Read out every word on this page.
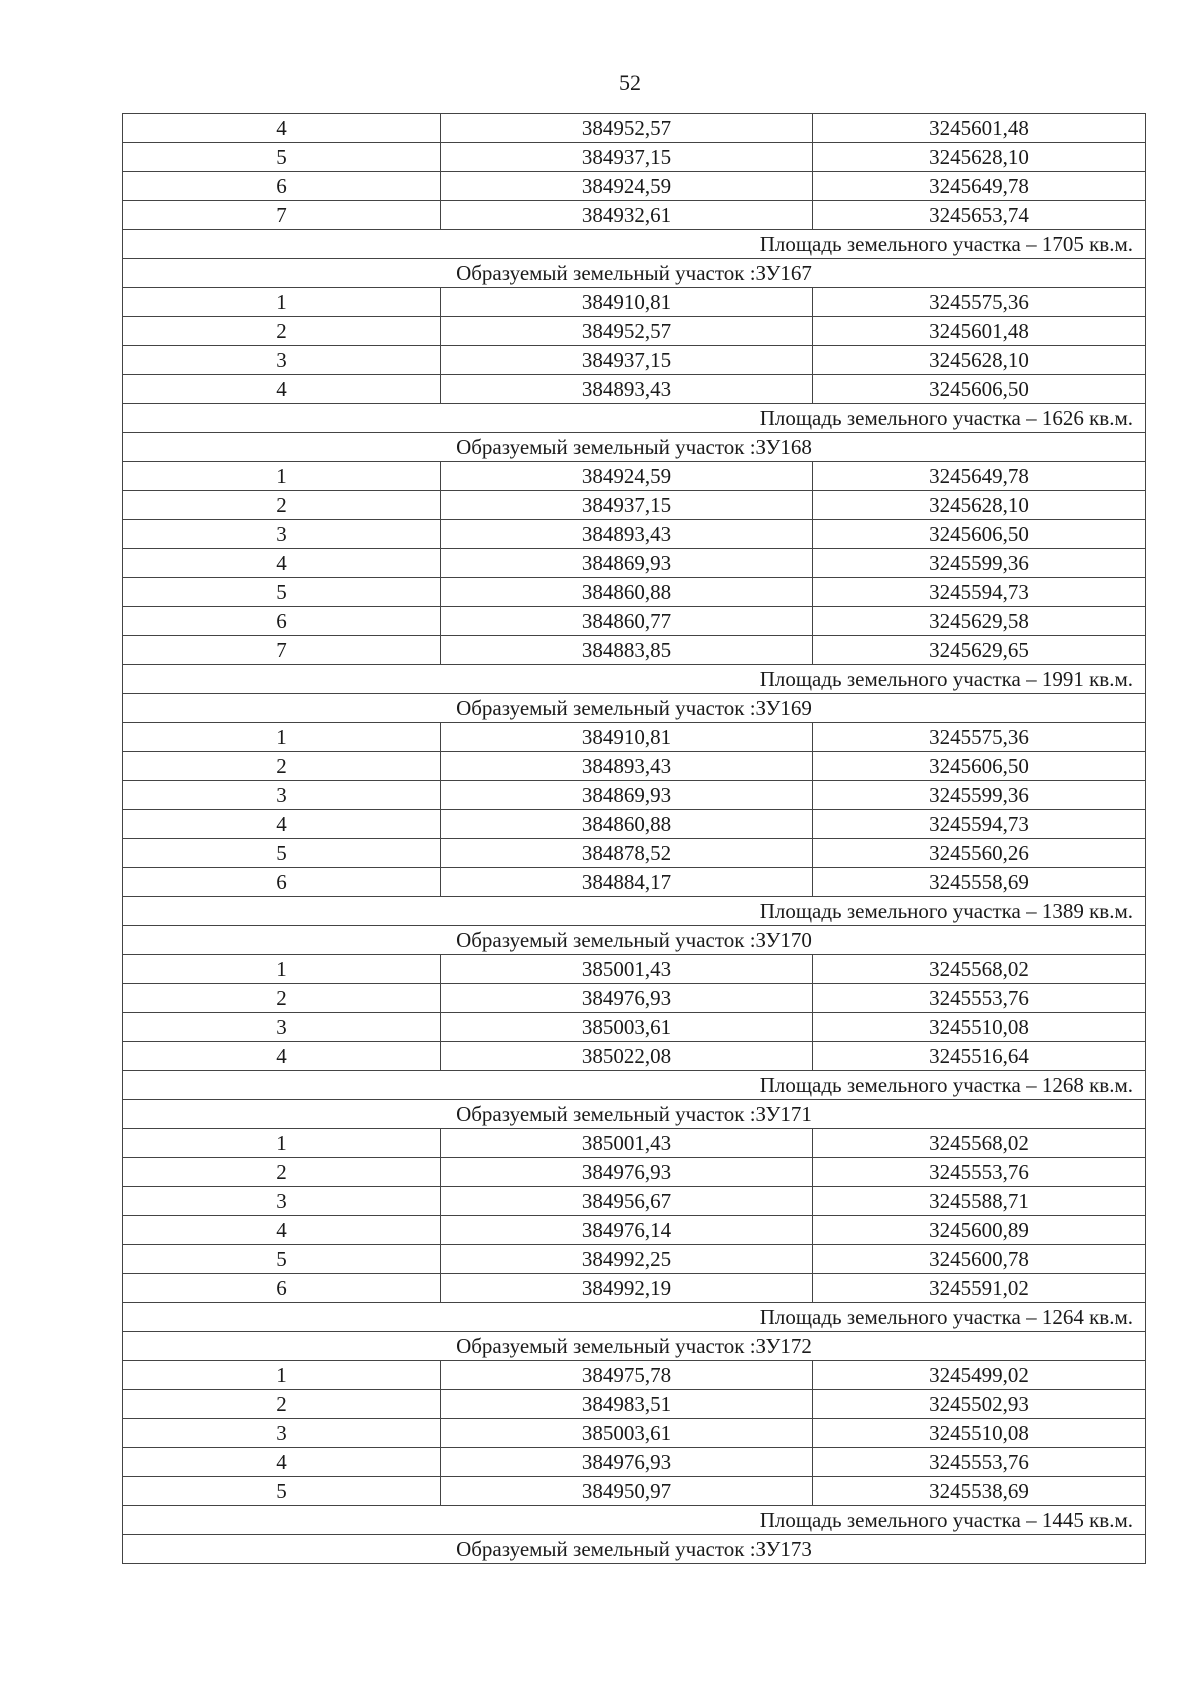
52
4	384952,57	3245601,48
5	384937,15	3245628,10
6	384924,59	3245649,78
7	384932,61	3245653,74
Площадь земельного участка – 1705 кв.м.		
Образуемый земельный участок :ЗУ167		
1	384910,81	3245575,36
2	384952,57	3245601,48
3	384937,15	3245628,10
4	384893,43	3245606,50
Площадь земельного участка – 1626 кв.м.		
Образуемый земельный участок :ЗУ168		
1	384924,59	3245649,78
2	384937,15	3245628,10
3	384893,43	3245606,50
4	384869,93	3245599,36
5	384860,88	3245594,73
6	384860,77	3245629,58
7	384883,85	3245629,65
Площадь земельного участка – 1991 кв.м.		
Образуемый земельный участок :ЗУ169		
1	384910,81	3245575,36
2	384893,43	3245606,50
3	384869,93	3245599,36
4	384860,88	3245594,73
5	384878,52	3245560,26
6	384884,17	3245558,69
Площадь земельного участка – 1389 кв.м.		
Образуемый земельный участок :ЗУ170		
1	385001,43	3245568,02
2	384976,93	3245553,76
3	385003,61	3245510,08
4	385022,08	3245516,64
Площадь земельного участка – 1268 кв.м.		
Образуемый земельный участок :ЗУ171		
1	385001,43	3245568,02
2	384976,93	3245553,76
3	384956,67	3245588,71
4	384976,14	3245600,89
5	384992,25	3245600,78
6	384992,19	3245591,02
Площадь земельного участка – 1264 кв.м.		
Образуемый земельный участок :ЗУ172		
1	384975,78	3245499,02
2	384983,51	3245502,93
3	385003,61	3245510,08
4	384976,93	3245553,76
5	384950,97	3245538,69
Площадь земельного участка – 1445 кв.м.		
Образуемый земельный участок :ЗУ173		
